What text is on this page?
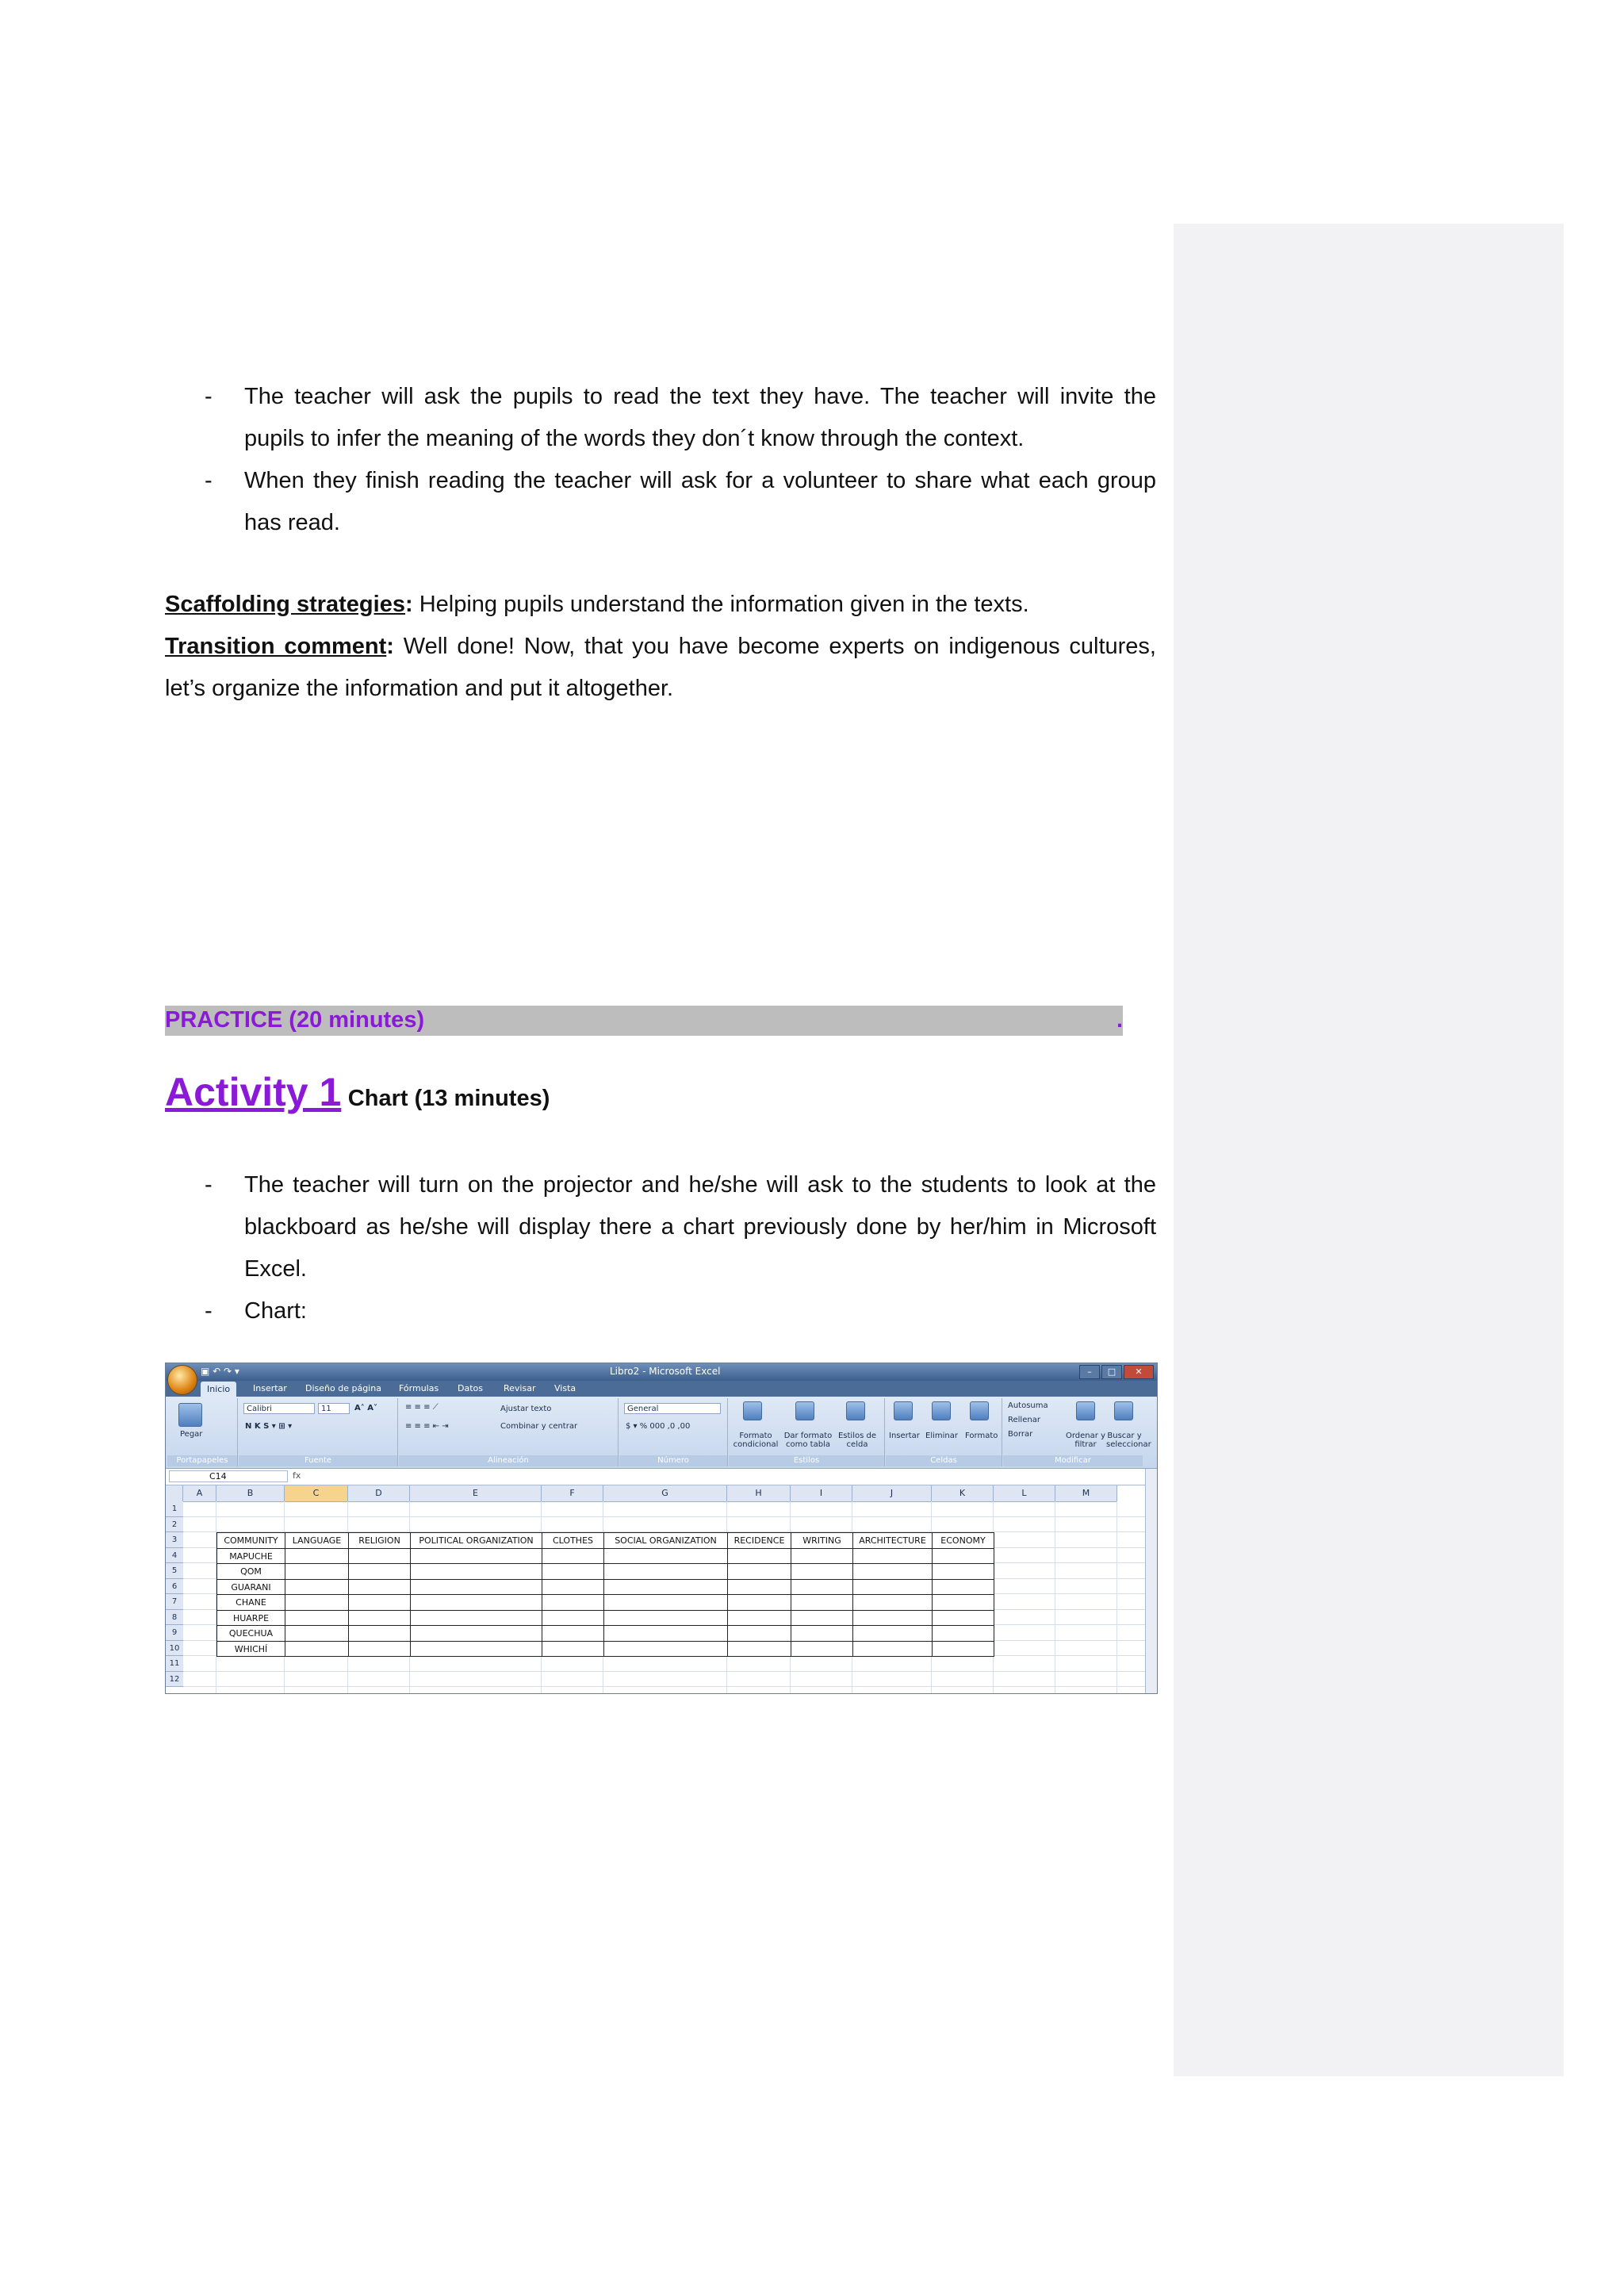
- The teacher will ask the pupils to read the text they have. The teacher will invite the pupils to infer the meaning of the words they don´t know through the context.
- When they finish reading the teacher will ask for a volunteer to share what each group has read.
Scaffolding strategies: Helping pupils understand the information given in the texts.
Transition comment: Well done! Now, that you have become experts on indigenous cultures, let’s organize the information and put it altogether.
PRACTICE (20 minutes)	.
Activity 1 Chart (13 minutes)
- The teacher will turn on the projector and he/she will ask to the students to look at the blackboard as he/she will display there a chart previously done by her/him in Microsoft Excel.
- Chart:
▣ ↶ ↷ ▾	Libro2 - Microsoft Excel	–	□	✕
Inicio	Insertar Diseño de página Fórmulas Datos Revisar Vista
Pegar
Portapapeles
Calibri	11	A˄ A˅
N K S ▾ ⊞ ▾
Fuente
≡ ≡ ≡ ⟋	Ajustar texto
≡ ≡ ≡ ⇤ ⇥	Combinar y centrar
Alineación
General
$ ▾ % 000 ,0 ,00
Número
Formato condicional
Dar formato como tabla
Estilos de celda
Estilos
Insertar Eliminar Formato
Celdas
Autosuma
Rellenar
Borrar	Ordenar y filtrar
Buscar y seleccionar
Modificar
C14	fx
A	B	C	D	E	F	G	H	I	J	K	L	M
1
2
3
4
5
6
7
8
9
10
11
12
COMMUNITY	LANGUAGE	RELIGION	POLITICAL ORGANIZATION	CLOTHES	SOCIAL ORGANIZATION	RECIDENCE	WRITING	ARCHITECTURE	ECONOMY
MAPUCHE
QOM
GUARANI
CHANE
HUARPE
QUECHUA
WHICHÍ
